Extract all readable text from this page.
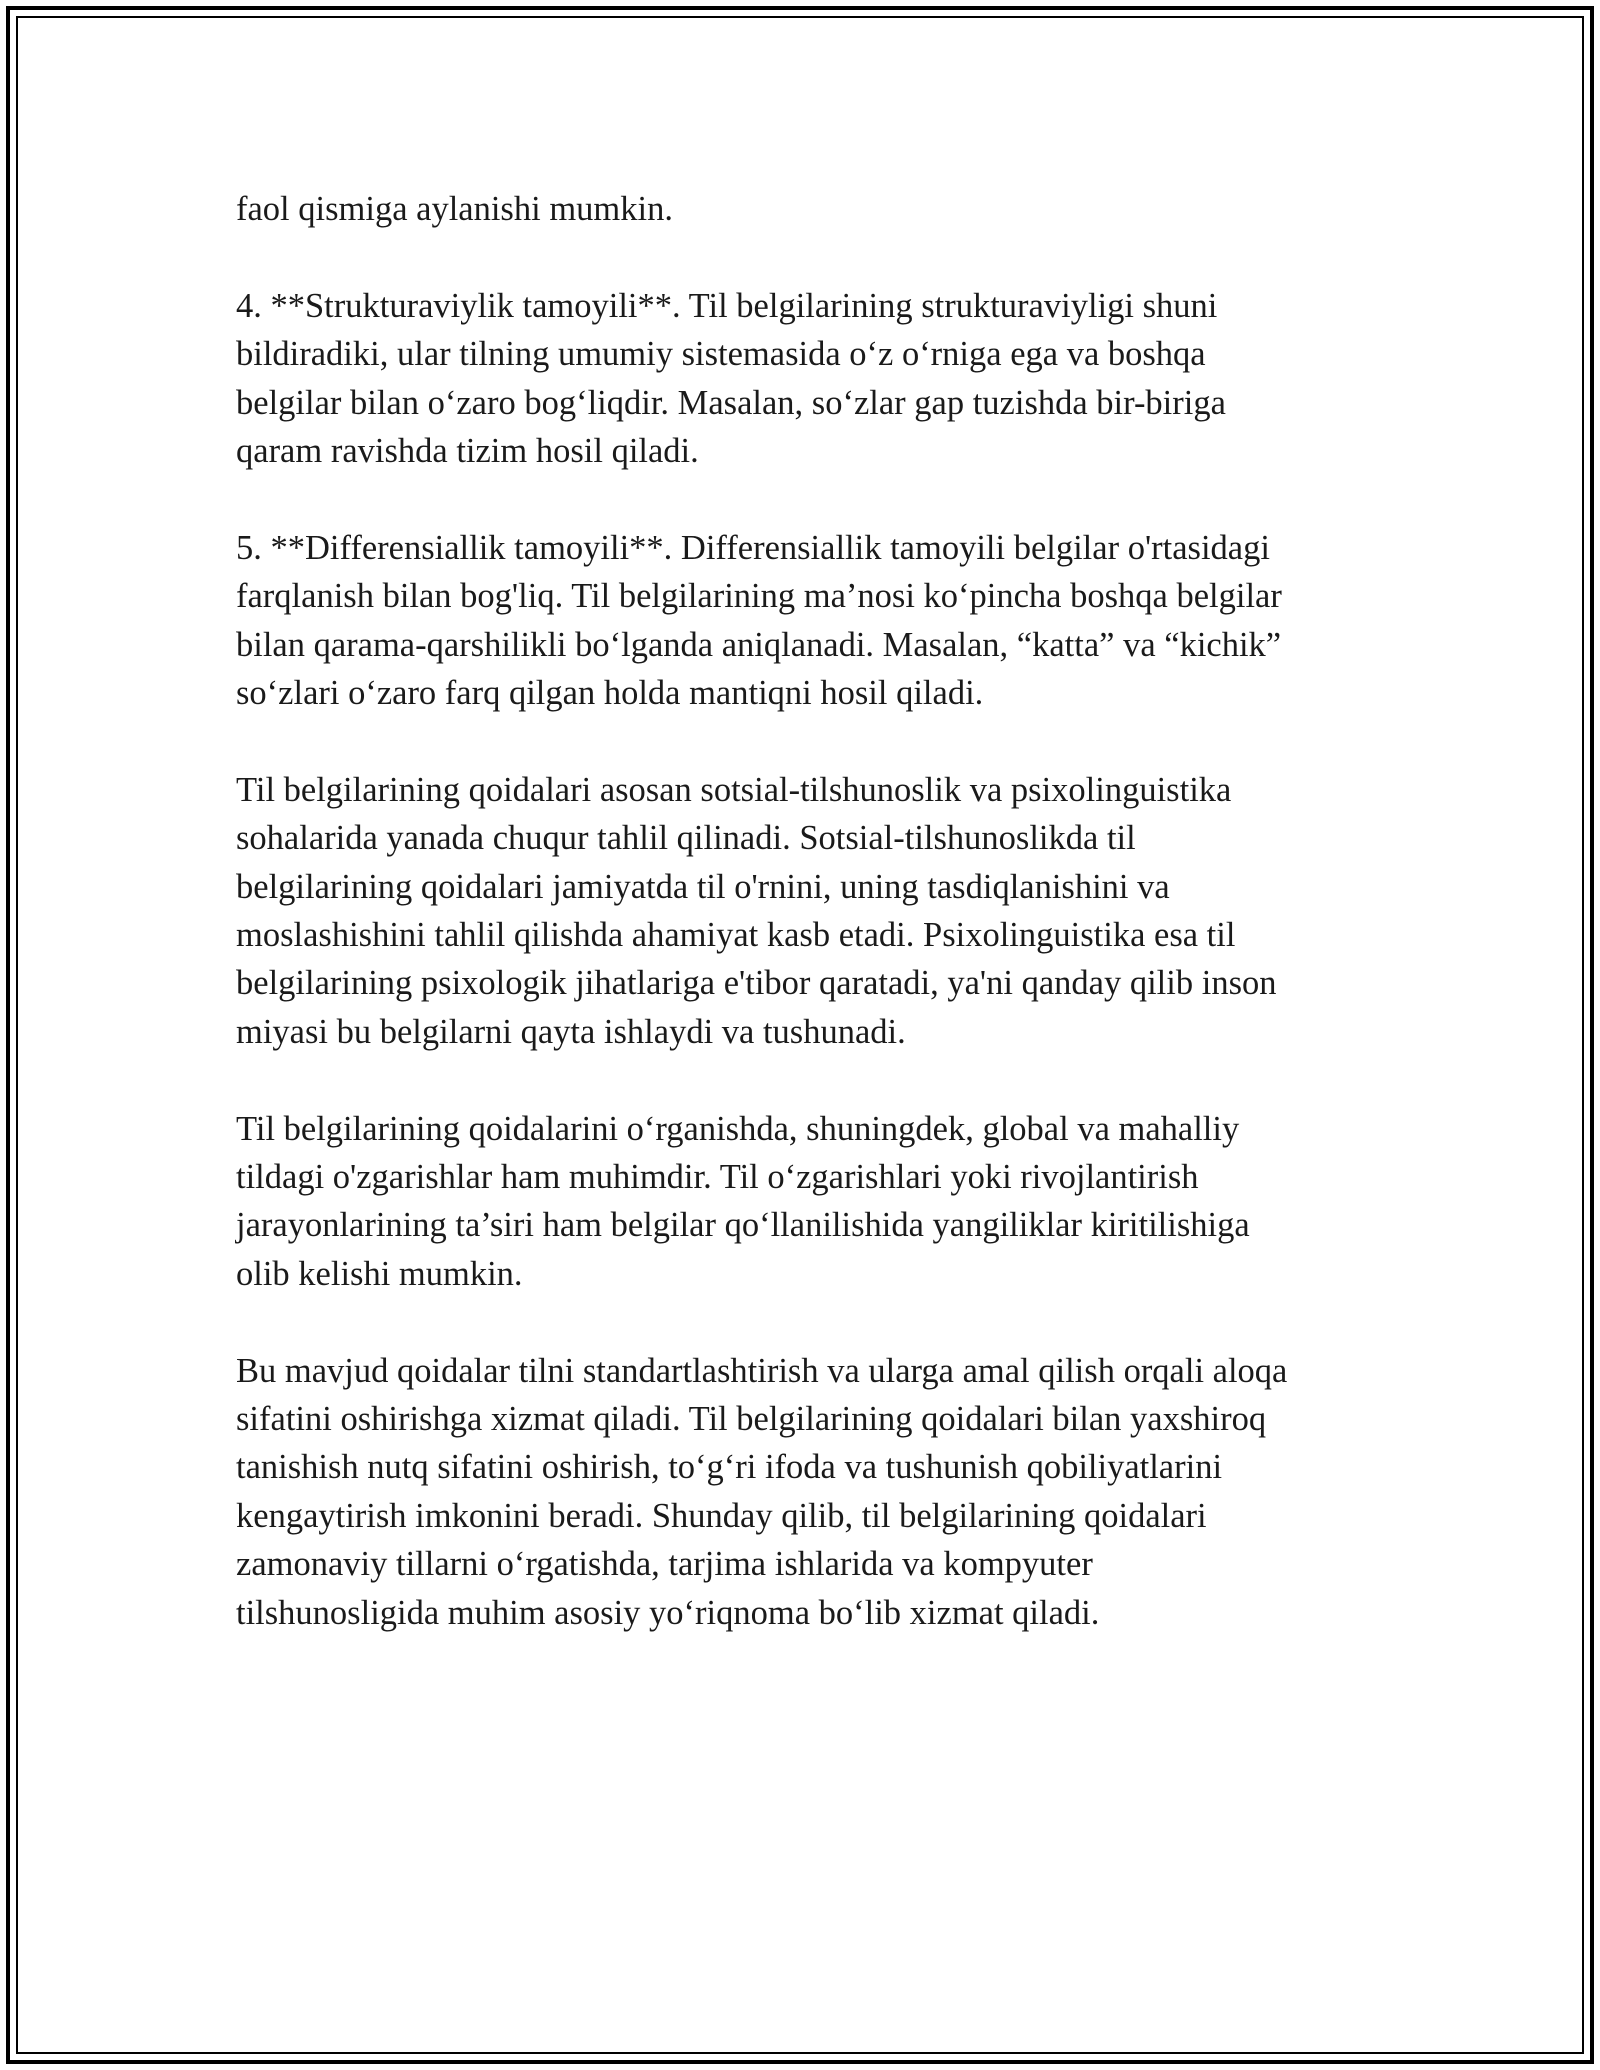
faol qismiga aylanishi mumkin.

4. **Strukturaviylik tamoyili**. Til belgilarining strukturaviyligi shuni
bildiradiki, ular tilning umumiy sistemasida o‘z o‘rniga ega va boshqa
belgilar bilan o‘zaro bog‘liqdir. Masalan, so‘zlar gap tuzishda bir-biriga
qaram ravishda tizim hosil qiladi.

5. **Differensiallik tamoyili**. Differensiallik tamoyili belgilar o'rtasidagi
farqlanish bilan bog'liq. Til belgilarining ma’nosi ko‘pincha boshqa belgilar
bilan qarama-qarshilikli bo‘lganda aniqlanadi. Masalan, “katta” va “kichik”
so‘zlari o‘zaro farq qilgan holda mantiqni hosil qiladi.

Til belgilarining qoidalari asosan sotsial-tilshunoslik va psixolinguistika
sohalarida yanada chuqur tahlil qilinadi. Sotsial-tilshunoslikda til
belgilarining qoidalari jamiyatda til o'rnini, uning tasdiqlanishini va
moslashishini tahlil qilishda ahamiyat kasb etadi. Psixolinguistika esa til
belgilarining psixologik jihatlariga e'tibor qaratadi, ya'ni qanday qilib inson
miyasi bu belgilarni qayta ishlaydi va tushunadi.

Til belgilarining qoidalarini o‘rganishda, shuningdek, global va mahalliy
tildagi o'zgarishlar ham muhimdir. Til o‘zgarishlari yoki rivojlantirish
jarayonlarining ta’siri ham belgilar qo‘llanilishida yangiliklar kiritilishiga
olib kelishi mumkin.

Bu mavjud qoidalar tilni standartlashtirish va ularga amal qilish orqali aloqa
sifatini oshirishga xizmat qiladi. Til belgilarining qoidalari bilan yaxshiroq
tanishish nutq sifatini oshirish, to‘g‘ri ifoda va tushunish qobiliyatlarini
kengaytirish imkonini beradi. Shunday qilib, til belgilarining qoidalari
zamonaviy tillarni o‘rgatishda, tarjima ishlarida va kompyuter
tilshunosligida muhim asosiy yo‘riqnoma bo‘lib xizmat qiladi.
